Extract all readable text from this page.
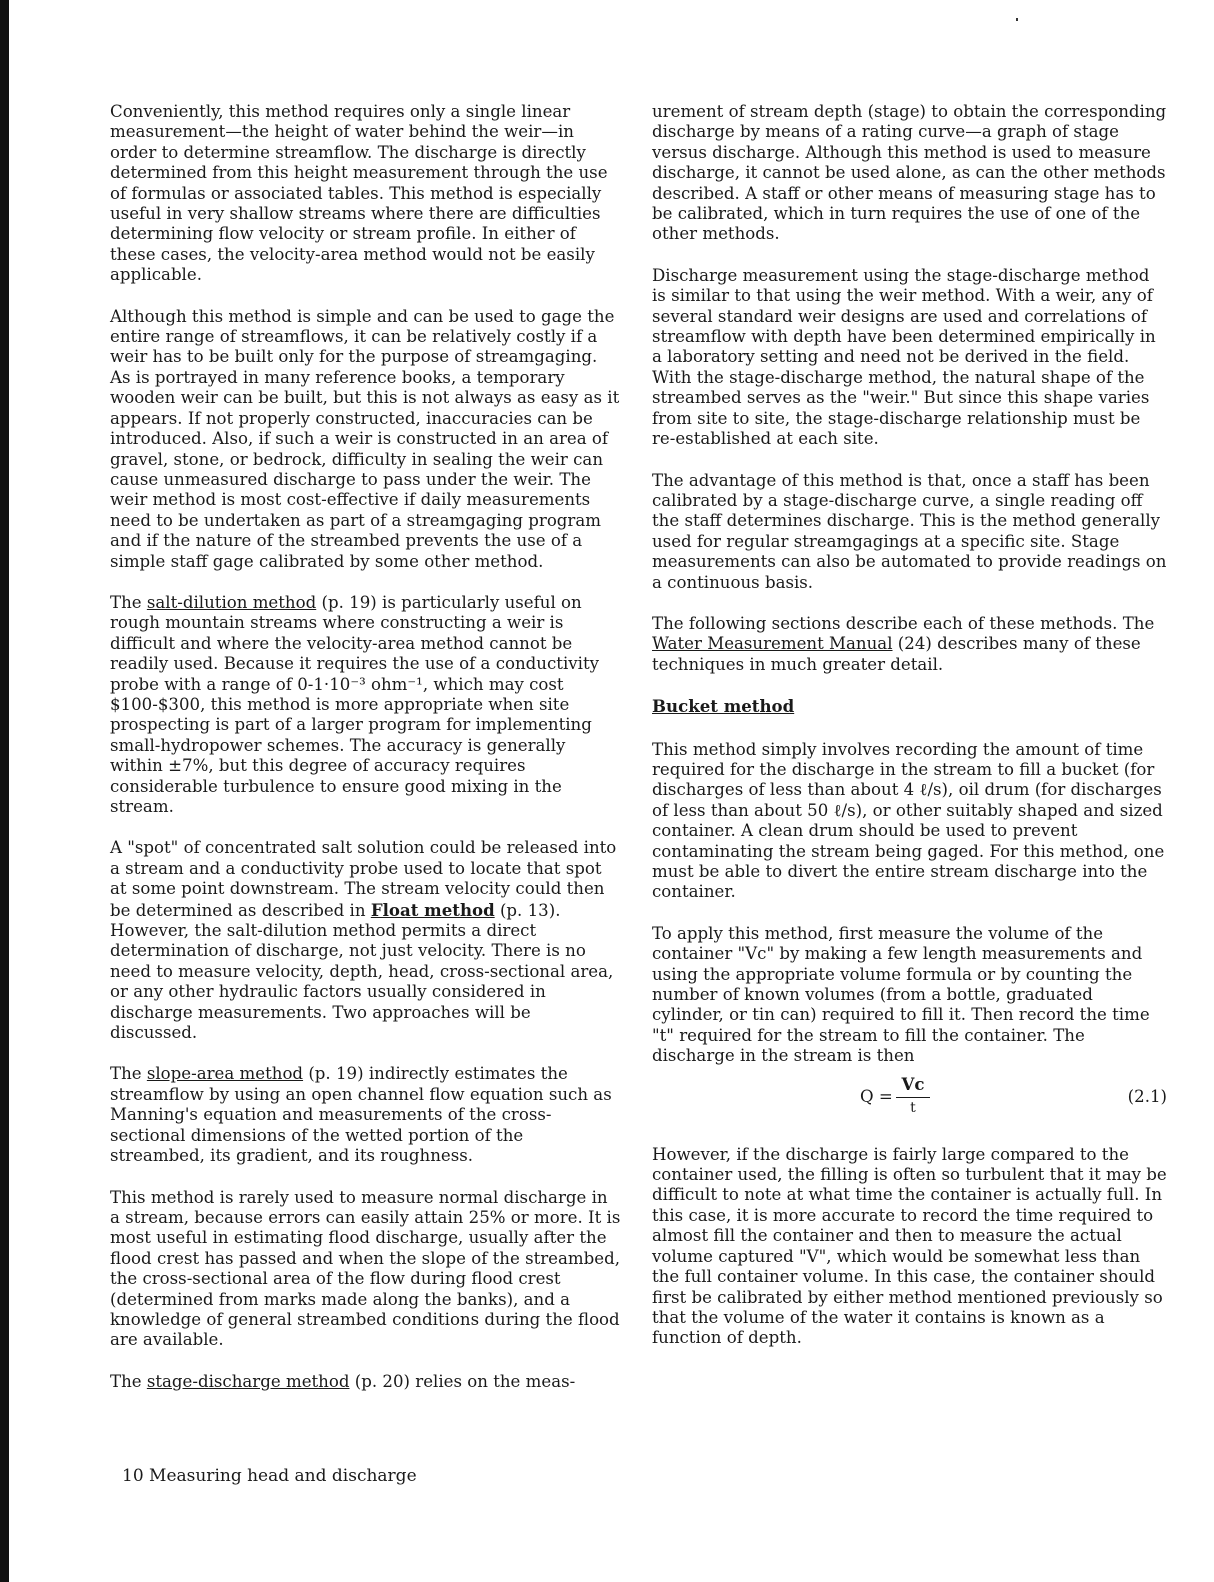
Conveniently, this method requires only a single linear measurement—the height of water behind the weir—in order to determine streamflow. The discharge is directly determined from this height measurement through the use of formulas or associated tables. This method is especially useful in very shallow streams where there are difficulties determining flow velocity or stream profile. In either of these cases, the velocity-area method would not be easily applicable.

Although this method is simple and can be used to gage the entire range of streamflows, it can be relatively costly if a weir has to be built only for the purpose of streamgaging. As is portrayed in many reference books, a temporary wooden weir can be built, but this is not always as easy as it appears. If not properly constructed, inaccuracies can be introduced. Also, if such a weir is constructed in an area of gravel, stone, or bedrock, difficulty in sealing the weir can cause unmeasured discharge to pass under the weir. The weir method is most cost-effective if daily measurements need to be undertaken as part of a streamgaging program and if the nature of the streambed prevents the use of a simple staff gage calibrated by some other method.

The salt-dilution method (p. 19) is particularly useful on rough mountain streams where constructing a weir is difficult and where the velocity-area method cannot be readily used. Because it requires the use of a conductivity probe with a range of 0-1·10⁻³ ohm⁻¹, which may cost $100-$300, this method is more appropriate when site prospecting is part of a larger program for implementing small-hydropower schemes. The accuracy is generally within ±7%, but this degree of accuracy requires considerable turbulence to ensure good mixing in the stream.

A "spot" of concentrated salt solution could be released into a stream and a conductivity probe used to locate that spot at some point downstream. The stream velocity could then be determined as described in Float method (p. 13). However, the salt-dilution method permits a direct determination of discharge, not just velocity. There is no need to measure velocity, depth, head, cross-sectional area, or any other hydraulic factors usually considered in discharge measurements. Two approaches will be discussed.

The slope-area method (p. 19) indirectly estimates the streamflow by using an open channel flow equation such as Manning's equation and measurements of the cross-sectional dimensions of the wetted portion of the streambed, its gradient, and its roughness.

This method is rarely used to measure normal discharge in a stream, because errors can easily attain 25% or more. It is most useful in estimating flood discharge, usually after the flood crest has passed and when the slope of the streambed, the cross-sectional area of the flow during flood crest (determined from marks made along the banks), and a knowledge of general streambed conditions during the flood are available.

The stage-discharge method (p. 20) relies on the meas-

urement of stream depth (stage) to obtain the corresponding discharge by means of a rating curve—a graph of stage versus discharge. Although this method is used to measure discharge, it cannot be used alone, as can the other methods described. A staff or other means of measuring stage has to be calibrated, which in turn requires the use of one of the other methods.

Discharge measurement using the stage-discharge method is similar to that using the weir method. With a weir, any of several standard weir designs are used and correlations of streamflow with depth have been determined empirically in a laboratory setting and need not be derived in the field. With the stage-discharge method, the natural shape of the streambed serves as the "weir." But since this shape varies from site to site, the stage-discharge relationship must be re-established at each site.

The advantage of this method is that, once a staff has been calibrated by a stage-discharge curve, a single reading off the staff determines discharge. This is the method generally used for regular streamgagings at a specific site. Stage measurements can also be automated to provide readings on a continuous basis.

The following sections describe each of these methods. The Water Measurement Manual (24) describes many of these techniques in much greater detail.

Bucket method

This method simply involves recording the amount of time required for the discharge in the stream to fill a bucket (for discharges of less than about 4 ℓ/s), oil drum (for discharges of less than about 50 ℓ/s), or other suitably shaped and sized container. A clean drum should be used to prevent contaminating the stream being gaged. For this method, one must be able to divert the entire stream discharge into the container.

To apply this method, first measure the volume of the container "Vc" by making a few length measurements and using the appropriate volume formula or by counting the number of known volumes (from a bottle, graduated cylinder, or tin can) required to fill it. Then record the time "t" required for the stream to fill the container. The discharge in the stream is then

Q =
Vc
t
(2.1)

However, if the discharge is fairly large compared to the container used, the filling is often so turbulent that it may be difficult to note at what time the container is actually full. In this case, it is more accurate to record the time required to almost fill the container and then to measure the actual volume captured "V", which would be somewhat less than the full container volume. In this case, the container should first be calibrated by either method mentioned previously so that the volume of the water it contains is known as a function of depth.

10 Measuring head and discharge
